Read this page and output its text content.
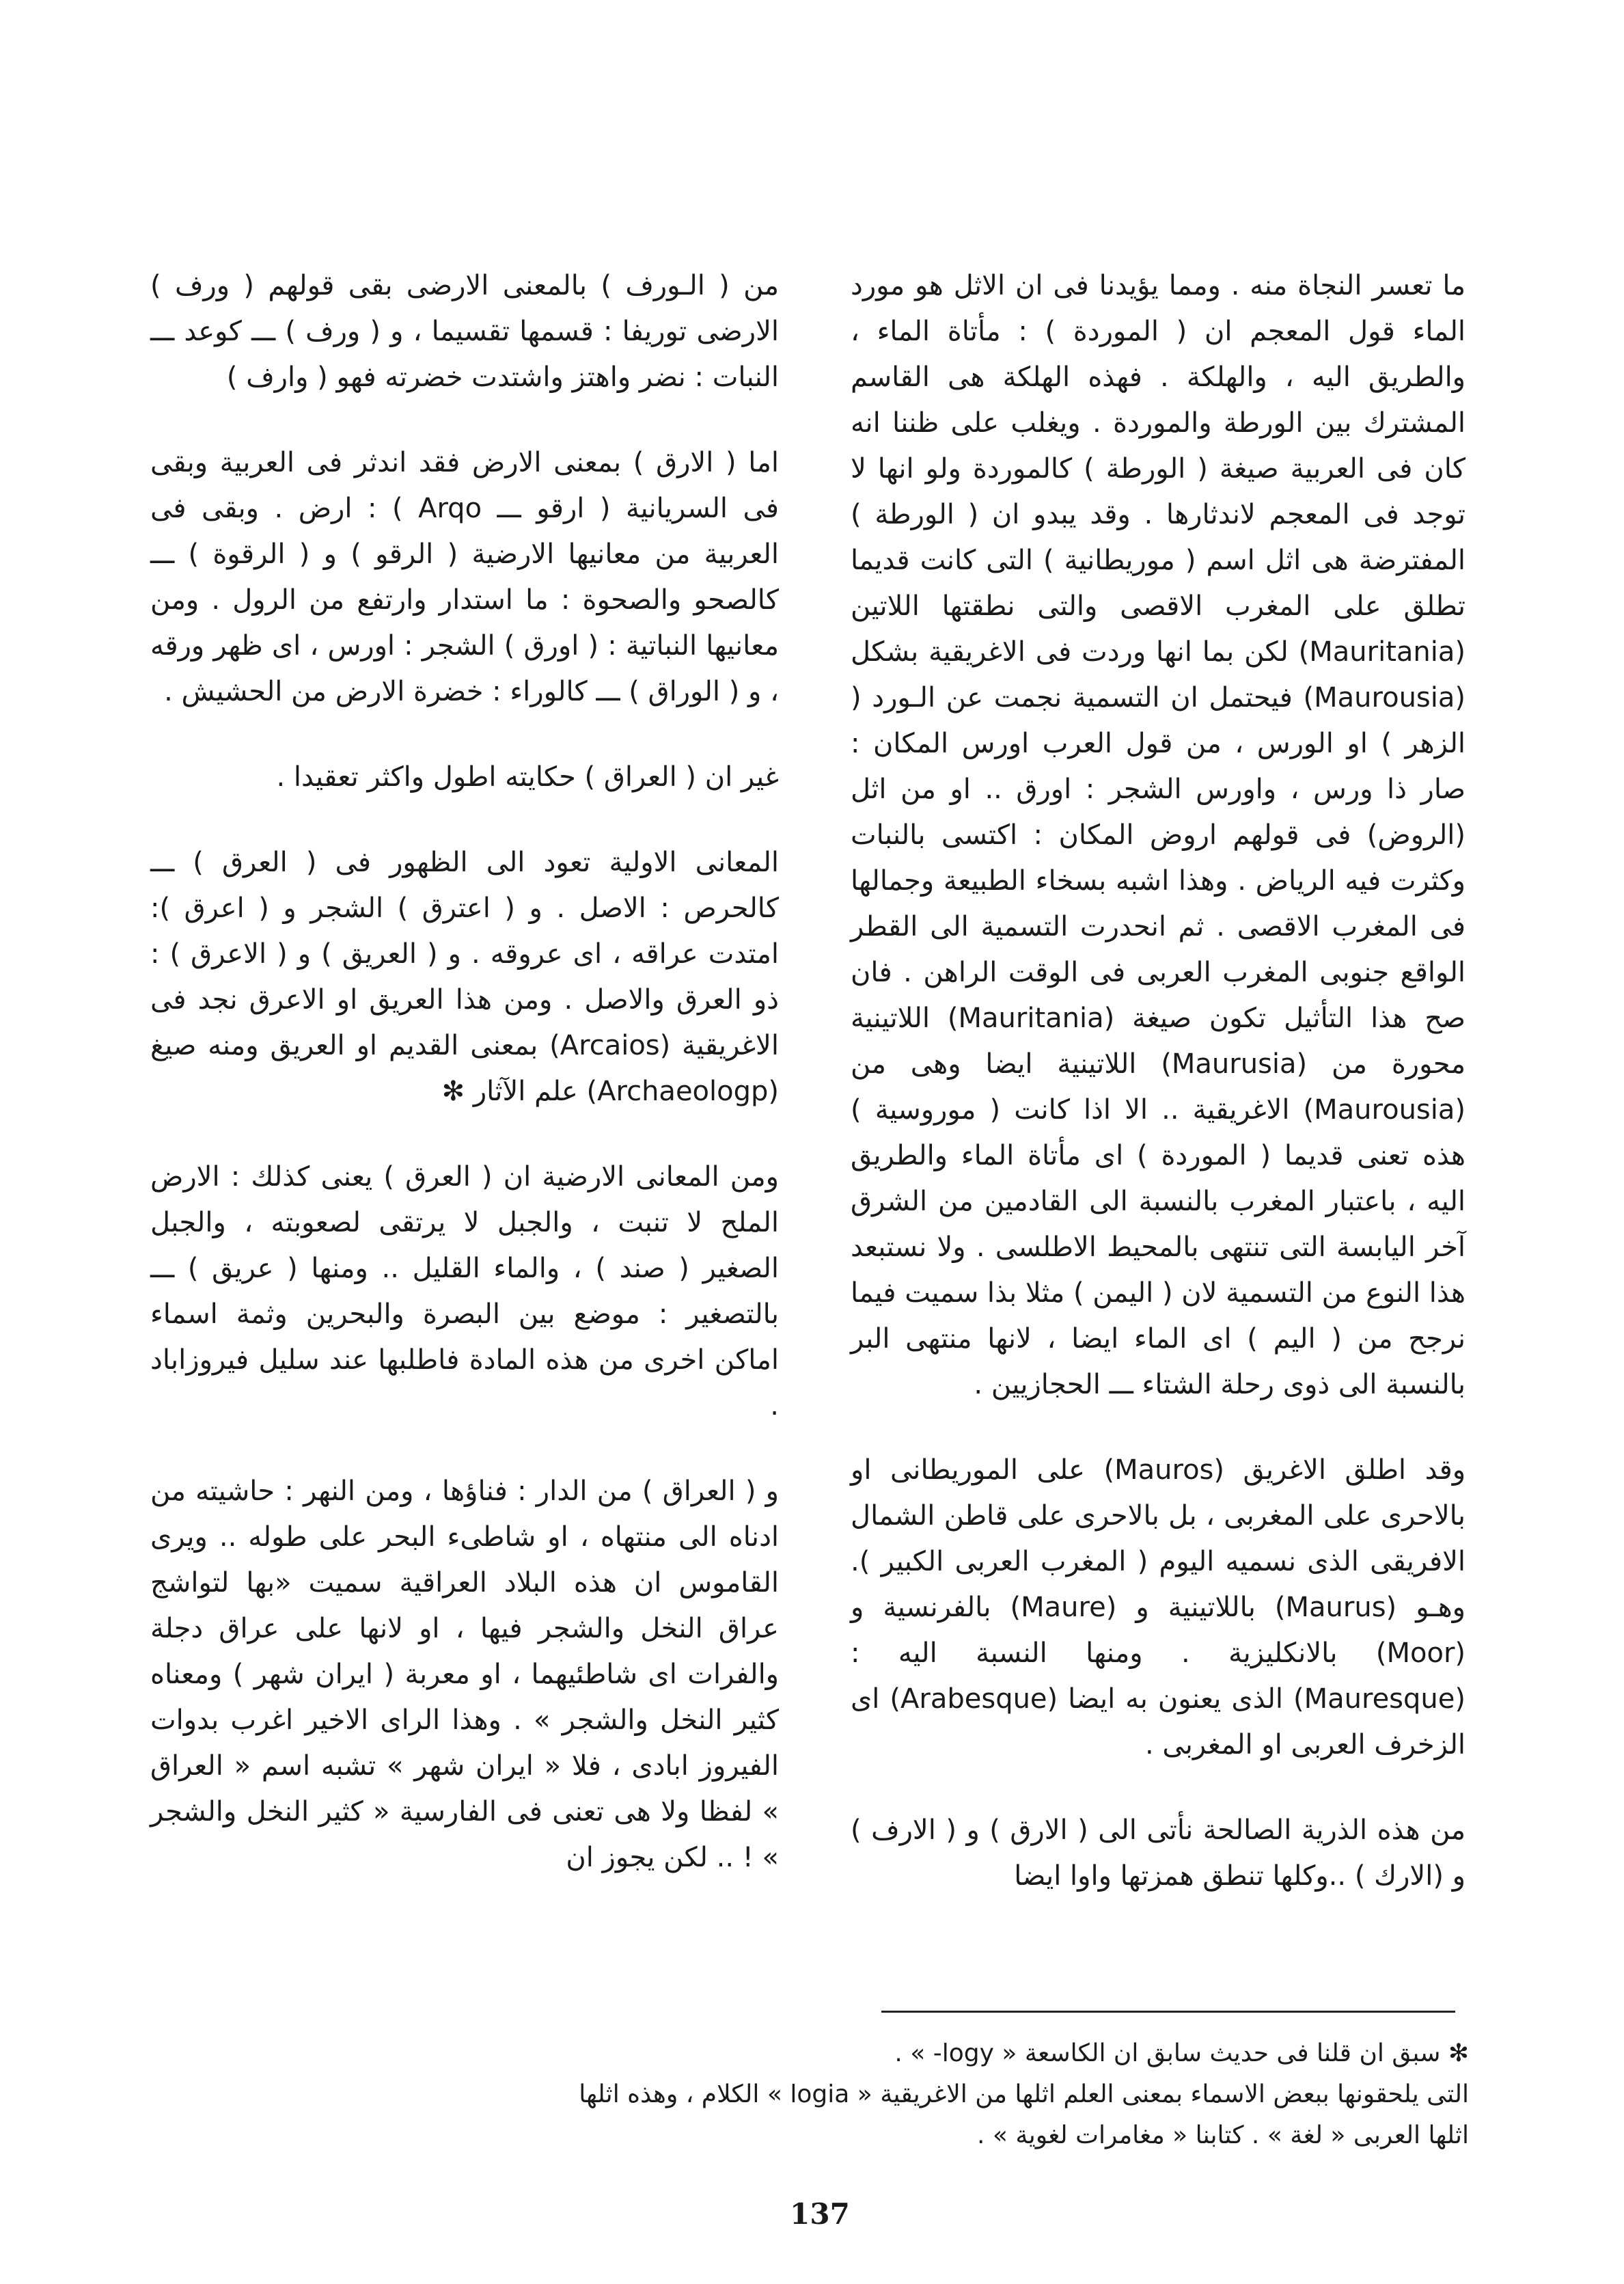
ما تعسر النجاة منه . ومما يؤيدنا فى ان الاثل هو مورد الماء قول المعجم ان ( الموردة ) : مأتاة الماء ، والطريق اليه ، والهلكة . فهذه الهلكة هى القاسم المشترك بين الورطة والموردة . ويغلب على ظننا انه كان فى العربية صيغة ( الورطة ) كالموردة ولو انها لا توجد فى المعجم لاندثارها . وقد يبدو ان ( الورطة ) المفترضة هى اثل اسم ( موريطانية ) التى كانت قديما تطلق على المغرب الاقصى والتى نطقتها اللاتين (Mauritania) لكن بما انها وردت فى الاغريقية بشكل (Maurousia) فيحتمل ان التسمية نجمت عن الـورد ( الزهر ) او الورس ، من قول العرب اورس المكان : صار ذا ورس ، واورس الشجر : اورق .. او من اثل (الروض) فى قولهم اروض المكان : اكتسى بالنبات وكثرت فيه الرياض . وهذا اشبه بسخاء الطبيعة وجمالها فى المغرب الاقصى . ثم انحدرت التسمية الى القطر الواقع جنوبى المغرب العربى فى الوقت الراهن . فان صح هذا التأثيل تكون صيغة (Mauritania) اللاتينية محورة من (Maurusia) اللاتينية ايضا وهى من (Maurousia) الاغريقية .. الا اذا كانت ( موروسية ) هذه تعنى قديما ( الموردة ) اى مأتاة الماء والطريق اليه ، باعتبار المغرب بالنسبة الى القادمين من الشرق آخر اليابسة التى تنتهى بالمحيط الاطلسى . ولا نستبعد هذا النوع من التسمية لان ( اليمن ) مثلا بذا سميت فيما نرجح من ( اليم ) اى الماء ايضا ، لانها منتهى البر بالنسبة الى ذوى رحلة الشتاء ـــ الحجازيين .

وقد اطلق الاغريق (Mauros) على الموريطانى او بالاحرى على المغربى ، بل بالاحرى على قاطن الشمال الافريقى الذى نسميه اليوم ( المغرب العربى الكبير ). وهـو (Maurus) باللاتينية و (Maure) بالفرنسية و (Moor) بالانكليزية . ومنها النسبة اليه : (Mauresque) الذى يعنون به ايضا (Arabesque) اى الزخرف العربى او المغربى .

من هذه الذرية الصالحة نأتى الى ( الارق ) و ( الارف ) و (الارك ) ..وكلها تنطق همزتها واوا ايضا

من ( الـورف ) بالمعنى الارضى بقى قولهم ( ورف ) الارضى توريفا : قسمها تقسيما ، و ( ورف ) ـــ كوعد ـــ النبات : نضر واهتز واشتدت خضرته فهو ( وارف )

اما ( الارق ) بمعنى الارض فقد اندثر فى العربية وبقى فى السريانية ( ارقو ـــ Arqo ) : ارض . وبقى فى العربية من معانيها الارضية ( الرقو ) و ( الرقوة ) ـــ كالصحو والصحوة : ما استدار وارتفع من الرول . ومن معانيها النباتية : ( اورق ) الشجر : اورس ، اى ظهر ورقه ، و ( الوراق ) ـــ كالوراء : خضرة الارض من الحشيش .

غير ان ( العراق ) حكايته اطول واكثر تعقيدا .

المعانى الاولية تعود الى الظهور فى ( العرق ) ـــ كالحرص : الاصل . و ( اعترق ) الشجر و ( اعرق ): امتدت عراقه ، اى عروقه . و ( العريق ) و ( الاعرق ) : ذو العرق والاصل . ومن هذا العريق او الاعرق نجد فى الاغريقية (Arcaios) بمعنى القديم او العريق ومنه صيغ (Archaeologp) علم الآثار ✻

ومن المعانى الارضية ان ( العرق ) يعنى كذلك : الارض الملح لا تنبت ، والجبل لا يرتقى لصعوبته ، والجبل الصغير ( صند ) ، والماء القليل .. ومنها ( عريق ) ـــ بالتصغير : موضع بين البصرة والبحرين وثمة اسماء اماكن اخرى من هذه المادة فاطلبها عند سليل فيروزاباد .

و ( العراق ) من الدار : فناؤها ، ومن النهر : حاشيته من ادناه الى منتهاه ، او شاطىء البحر على طوله .. ويرى القاموس ان هذه البلاد العراقية سميت «بها لتواشج عراق النخل والشجر فيها ، او لانها على عراق دجلة والفرات اى شاطئيهما ، او معربة ( ايران شهر ) ومعناه كثير النخل والشجر » . وهذا الراى الاخير اغرب بدوات الفيروز ابادى ، فلا « ايران شهر » تشبه اسم « العراق » لفظا ولا هى تعنى فى الفارسية « كثير النخل والشجر » ! .. لكن يجوز ان

✻ سبق ان قلنا فى حديث سابق ان الكاسعة « logy- » .

التى يلحقونها ببعض الاسماء بمعنى العلم اثلها من الاغريقية « logia » الكلام ، وهذه اثلها

اثلها العربى « لغة » . كتابنا « مغامرات لغوية » .

137
